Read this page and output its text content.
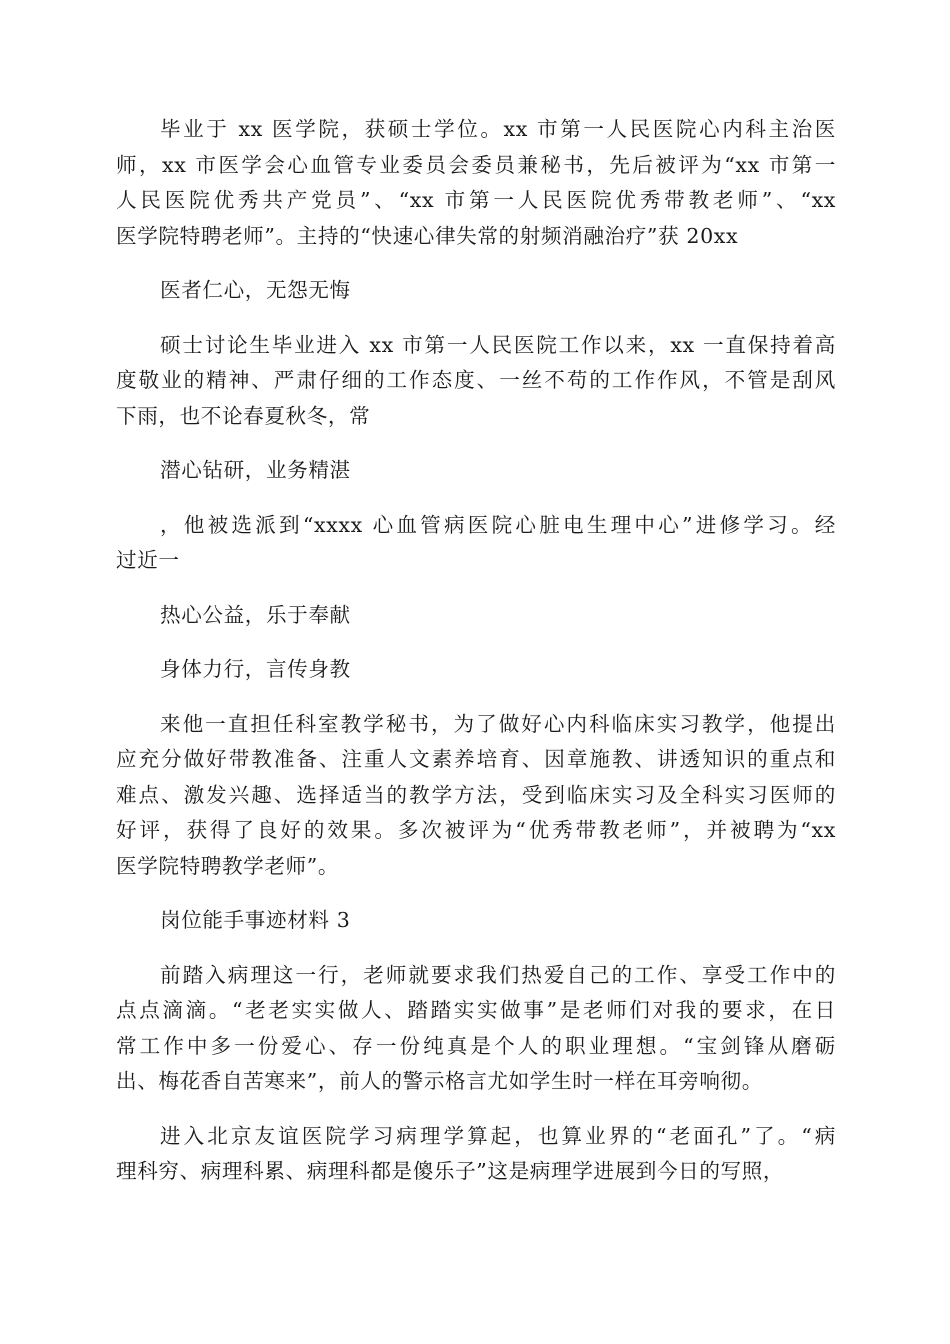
毕业于 xx 医学院，获硕士学位。xx 市第一人民医院心内科主治医
师，xx 市医学会心血管专业委员会委员兼秘书，先后被评为“xx 市第一
人民医院优秀共产党员”、“xx 市第一人民医院优秀带教老师”、“xx
医学院特聘老师”。主持的“快速心律失常的射频消融治疗”获 20xx
医者仁心，无怨无悔
硕士讨论生毕业进入 xx 市第一人民医院工作以来，xx 一直保持着高
度敬业的精神、严肃仔细的工作态度、一丝不苟的工作作风，不管是刮风
下雨，也不论春夏秋冬，常
潜心钻研，业务精湛
，他被选派到“xxxx 心血管病医院心脏电生理中心”进修学习。经
过近一
热心公益，乐于奉献
身体力行，言传身教
来他一直担任科室教学秘书，为了做好心内科临床实习教学，他提出
应充分做好带教准备、注重人文素养培育、因章施教、讲透知识的重点和
难点、激发兴趣、选择适当的教学方法，受到临床实习及全科实习医师的
好评，获得了良好的效果。多次被评为“优秀带教老师”，并被聘为“xx
医学院特聘教学老师”。
岗位能手事迹材料 3
前踏入病理这一行，老师就要求我们热爱自己的工作、享受工作中的
点点滴滴。“老老实实做人、踏踏实实做事”是老师们对我的要求，在日
常工作中多一份爱心、存一份纯真是个人的职业理想。“宝剑锋从磨砺
出、梅花香自苦寒来”，前人的警示格言尤如学生时一样在耳旁响彻。
进入北京友谊医院学习病理学算起，也算业界的“老面孔”了。“病
理科穷、病理科累、病理科都是傻乐子”这是病理学进展到今日的写照，
